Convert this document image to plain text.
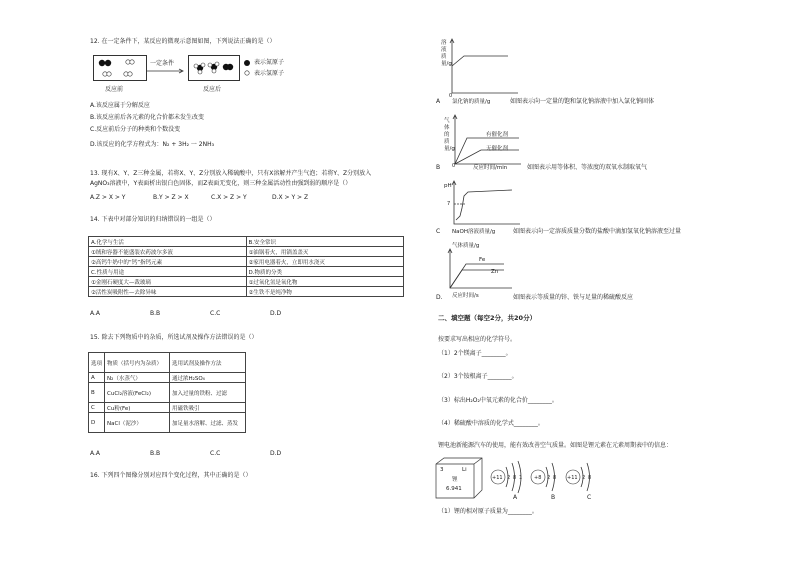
12. 在一定条件下，某反应的微观示意图如图，下列说法正确的是（）
一定条件
反应前	反应后
表示氮原子
表示氢原子
A.该反应属于分解反应
B.该反应前后各元素的化合价都未发生改变
C.反应前后分子的种类和个数没变
D.该反应的化学方程式为：N₂ + 3H₂ 一 2NH₃
13. 现有X、Y、Z三种金属，若将X、Y、Z分别放入稀硫酸中，只有X溶解并产生气泡；若将Y、Z分别放入
AgNO₃溶液中，Y表面析出银白色固体，而Z表面无变化，则三种金属活动性由强到弱的顺序是（）
A.Z > X > Y	B.Y > Z > X	C.X > Z > Y	D.X > Y > Z
14. 下表中对部分知识的归纳错误的一组是（）
A.化学与生活	B.安全常识
①绒和容器不能盛装农药波尔多液	①油锅着火，用锅盖盖灭
②高钙牛奶中的“钙”指钙元素	②家用电器着火，立即用水浇灭
C.性质与用途	D.物质的分类
①金刚石硬度大—裁玻璃	①过氧化氢是氧化物
②活性炭吸附性—去除异味	②生铁不是纯净物
A.A	B.B	C.C	D.D
15. 除去下列物质中的杂质，所选试剂及操作方法错误的是（）
选项	物质（括号内为杂质）	选用试剂及操作方法
A	N₂（水蒸气）	通过浓H₂SO₄
B	CuCl₂溶液(FeCl₂)	加入过量的铁粉、过滤
C	Cu粉(Fe)	用磁铁吸引
D	NaCl（泥沙）	加足量水溶解、过滤、蒸发
A.A	B.B	C.C	D.D
16. 下列四个图像分别对应四个变化过程，其中正确的是（）
溶液质量/g
0
A 氯化钠的质量/g	如图表示向一定量的饱和氯化钠溶液中加入氯化钠固体
气体的质量/g
有催化剂
无催化剂
0
B	反应时间/min	如图表示用等体积、等浓度的双氧水制取氧气
pH
7
C NaOH溶液质量/g	如图表示向一定溶质质量分数的盐酸中滴加氢氧化钠溶液至过量
气体质量/g
Fe
Zn
D. 反应时间/s	如图表示等质量的锌、铁与足量的稀硫酸反应
二、填空题（每空2分，共20分）
按要求写出相应的化学符号。
（1）2个镁离子________。
（2）3个铵根离子________。
（3）标出H₂O₂中氧元素的化合价________。
（4）稀硫酸中溶质的化学式________。
锂电池新能源汽车的使用，能有效改善空气质量。如图是锂元素在元素周期表中的信息：
3	Li
锂
6.941
+11 2 8 1 +8 2 8 +11 2 8
A	B	C
（1）锂的相对原子质量为________。
